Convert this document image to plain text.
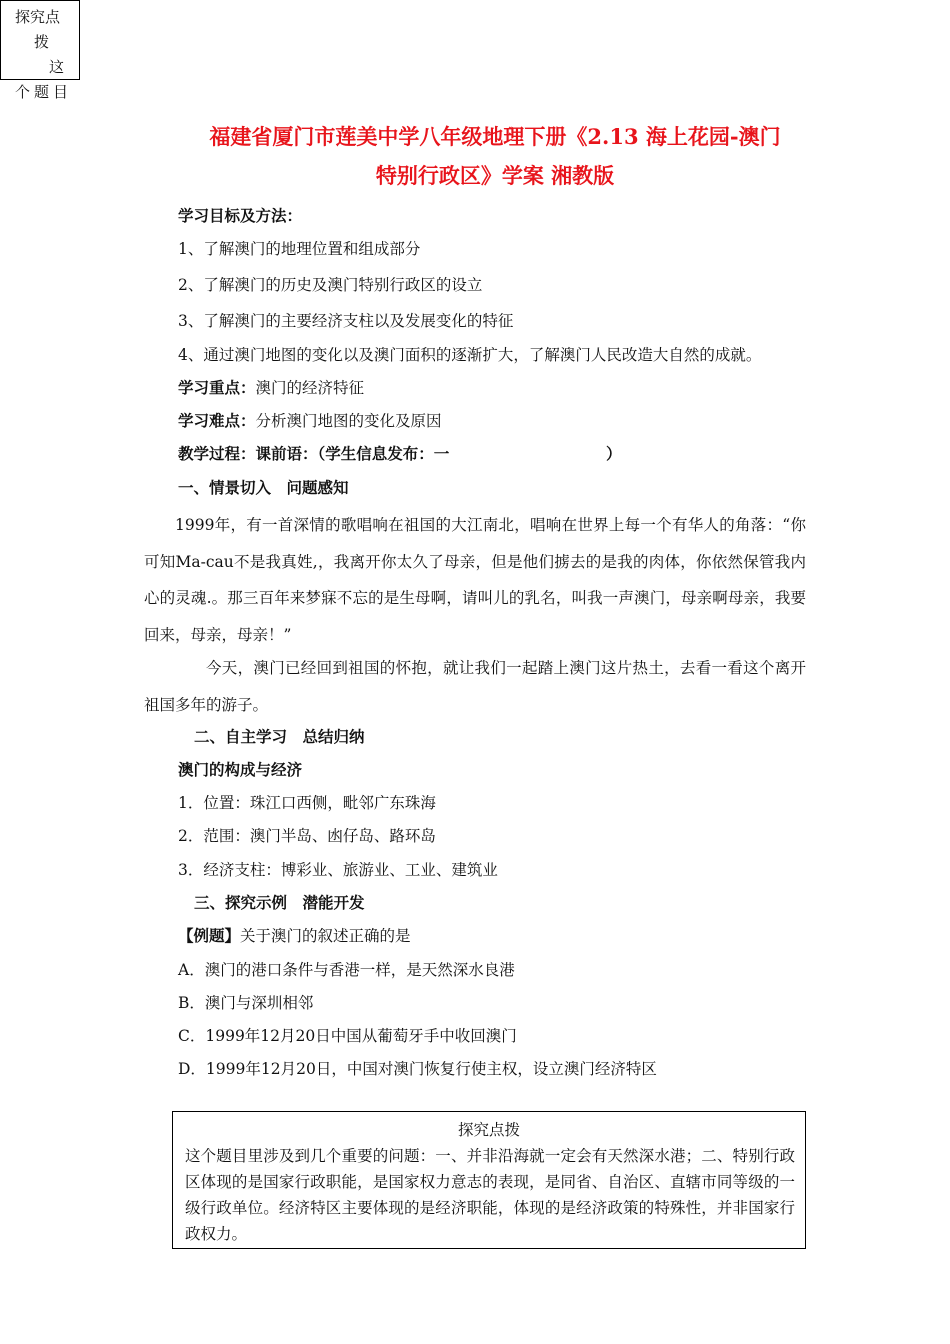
探究点
拨
这
个题目
福建省厦门市莲美中学八年级地理下册《2.13 海上花园-澳门
特别行政区》学案 湘教版
学习目标及方法：
1、了解澳门的地理位置和组成部分
2、了解澳门的历史及澳门特别行政区的设立
3、了解澳门的主要经济支柱以及发展变化的特征
4、通过澳门地图的变化以及澳门面积的逐渐扩大，了解澳门人民改造大自然的成就。
学习重点：澳门的经济特征
学习难点：分析澳门地图的变化及原因
教学过程：课前语：（学生信息发布：一	）
一、情景切入　问题感知
1999年，有一首深情的歌唱响在祖国的大江南北，唱响在世界上每一个有华人的角落：“你可知Ma-cau不是我真姓,，我离开你太久了母亲，但是他们掳去的是我的肉体，你依然保管我内心的灵魂.。那三百年来梦寐不忘的是生母啊，请叫儿的乳名，叫我一声澳门，母亲啊母亲，我要回来，母亲，母亲！”
今天，澳门已经回到祖国的怀抱，就让我们一起踏上澳门这片热土，去看一看这个离开祖国多年的游子。
二、自主学习　总结归纳
澳门的构成与经济
1．位置：珠江口西侧，毗邻广东珠海
2．范围：澳门半岛、凼仔岛、路环岛
3．经济支柱：博彩业、旅游业、工业、建筑业
三、探究示例　潜能开发
【例题】关于澳门的叙述正确的是
A．澳门的港口条件与香港一样，是天然深水良港
B．澳门与深圳相邻
C．1999年12月20日中国从葡萄牙手中收回澳门
D．1999年12月20日，中国对澳门恢复行使主权，设立澳门经济特区
探究点拨
这个题目里涉及到几个重要的问题：一、并非沿海就一定会有天然深水港；二、特别行政区体现的是国家行政职能，是国家权力意志的表现，是同省、自治区、直辖市同等级的一级行政单位。经济特区主要体现的是经济职能，体现的是经济政策的特殊性，并非国家行政权力。
